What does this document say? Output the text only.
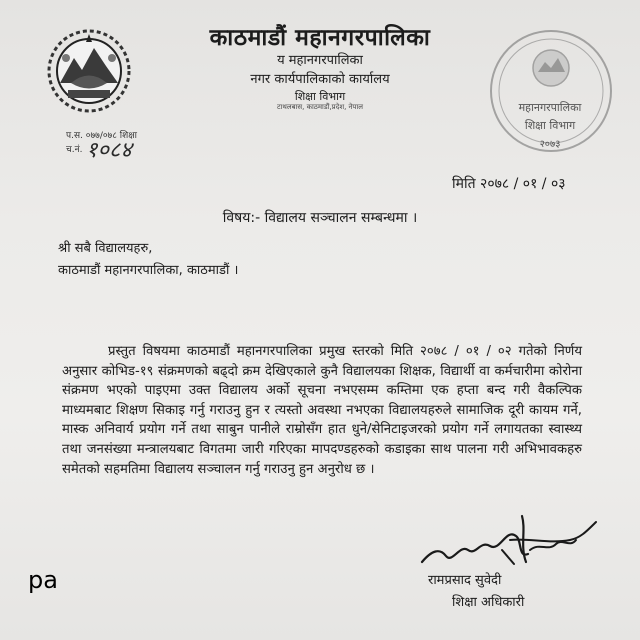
काठमाडौं महानगरपालिका
य महानगरपालिका
नगर कार्यपालिकाको कार्यालय
शिक्षा विभाग
टाथलबास, काठमाडौं,प्रदेश, नेपाल	महानगरपालिका
शिक्षा विभाग
२०७३
प.स. ०७७/०७८ शिक्षा
च.नं. १०८४
मिति २०७८ / ०१ / ०३
विषय:- विद्यालय सञ्चालन सम्बन्धमा ।
श्री सबै विद्यालयहरु,
काठमाडौं महानगरपालिका, काठमाडौं ।
प्रस्तुत विषयमा काठमाडौं महानगरपालिका प्रमुख स्तरको मिति २०७८ / ०१ / ०२ गतेको निर्णय अनुसार कोभिड-१९ संक्रमणको बढ्दो क्रम देखिएकाले कुनै विद्यालयका शिक्षक, विद्यार्थी वा कर्मचारीमा कोरोना संक्रमण भएको पाइएमा उक्त विद्यालय अर्को सूचना नभएसम्म कम्तिमा एक हप्ता बन्द गरी वैकल्पिक माध्यमबाट शिक्षण सिकाइ गर्नु गराउनु हुन र त्यस्तो अवस्था नभएका विद्यालयहरुले सामाजिक दूरी कायम गर्ने, मास्क अनिवार्य प्रयोग गर्ने तथा साबुन पानीले राम्रोसँग हात धुने/सेनिटाइजरको प्रयोग गर्ने लगायतका स्वास्थ्य तथा जनसंख्या मन्त्रालयबाट विगतमा जारी गरिएका मापदण्डहरुको कडाइका साथ पालना गरी अभिभावकहरु समेतको सहमतिमा विद्यालय सञ्चालन गर्नु गराउनु हुन अनुरोध छ ।
रामप्रसाद सुवेदी
शिक्षा अधिकारी
pa
